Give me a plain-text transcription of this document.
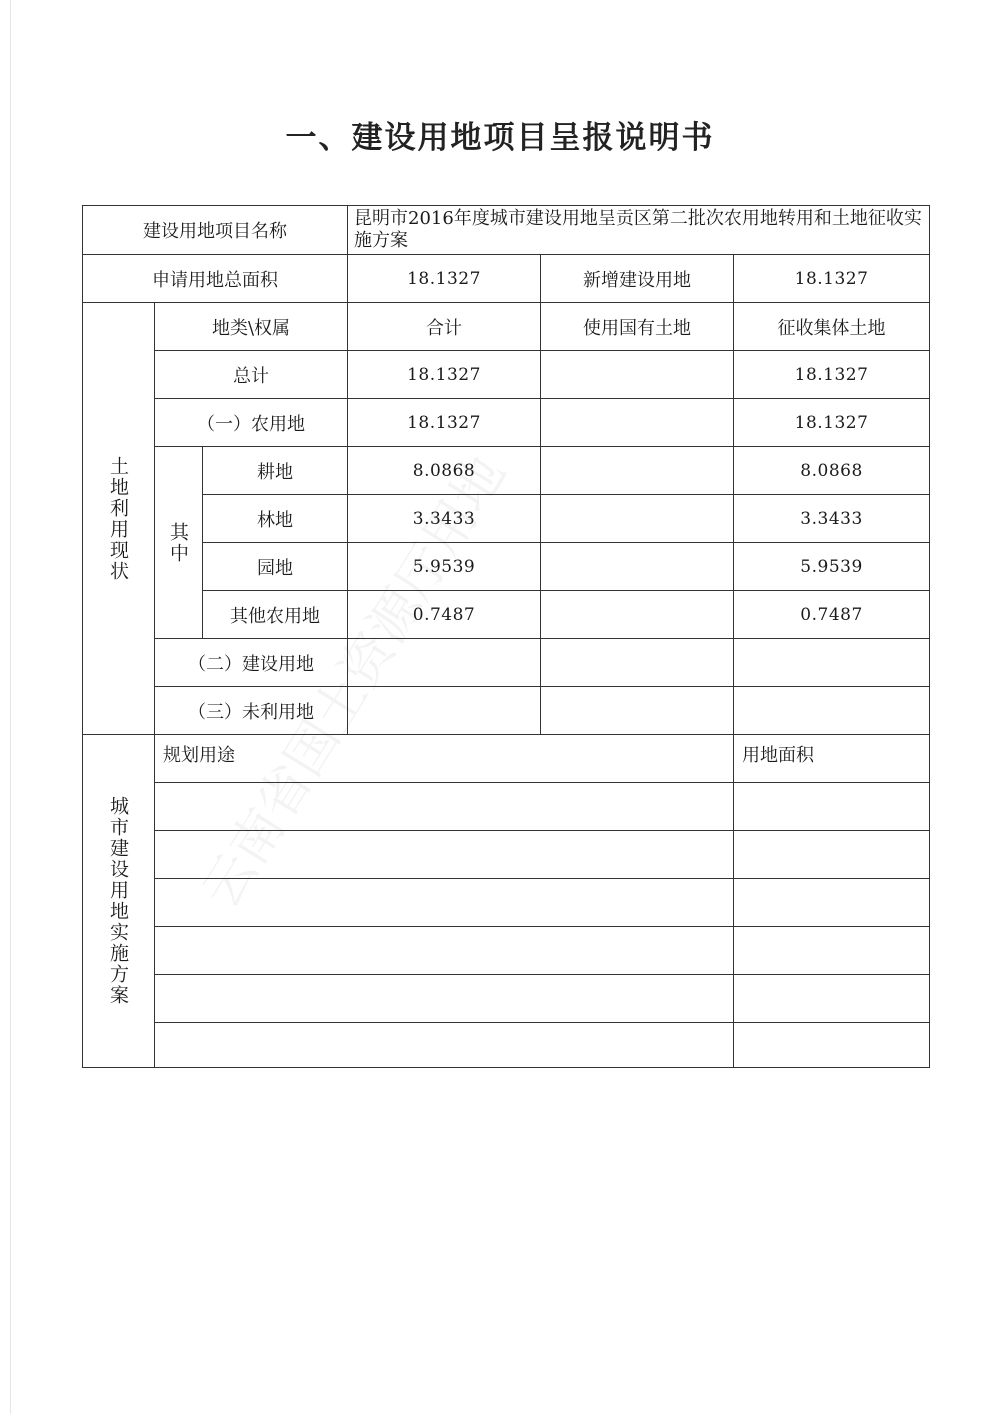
一、建设用地项目呈报说明书
建设用地项目名称			昆明市2016年度城市建设用地呈贡区第二批次农用地转用和土地征收实施方案		
申请用地总面积			18.1327	新增建设用地	18.1327

土地利用现状	地类\权属		合计	使用国有土地	征收集体土地
	总计		18.1327		18.1327
	（一）农用地		18.1327		18.1327

	其中	耕地	8.0868		8.0868
		林地	3.3433		3.3433
		园地	5.9539		5.9539
		其他农用地	0.7487		0.7487
	（二）建设用地				
	（三）未利用地				

城市建设用地实施方案	规划用途				用地面积
